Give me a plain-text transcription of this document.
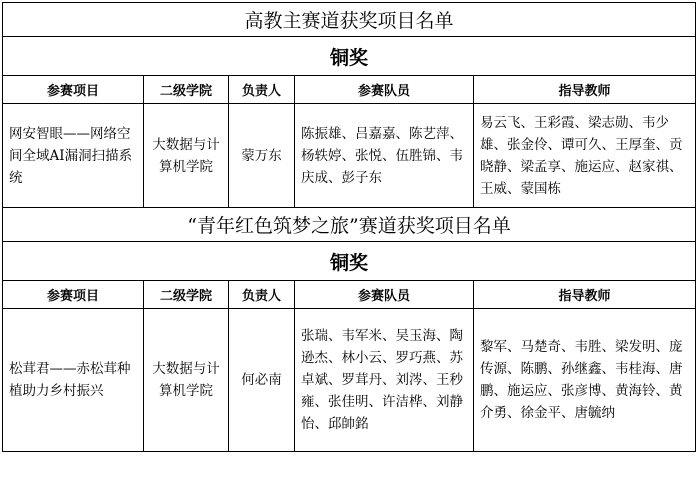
高教主赛道获奖项目名单				
铜奖				
参赛项目	二级学院	负责人	参赛队员	指导教师
网安智眼——网络空间全域AI漏洞扫描系统	大数据与计算机学院	蒙万东	陈振雄、吕嘉嘉、陈艺萍、杨轶婷、张悦、伍胜锦、韦庆成、彭子东	易云飞、王彩霞、梁志勋、韦少雄、张金伶、谭可久、王厚奎、贡晓静、梁孟享、施运应、赵家祺、王威、蒙国栋
“青年红色筑梦之旅”赛道获奖项目名单				
铜奖				
参赛项目	二级学院	负责人	参赛队员	指导教师
松茸君——赤松茸种植助力乡村振兴	大数据与计算机学院	何必南	张瑞、韦军米、吴玉海、陶逊杰、林小云、罗巧燕、苏卓斌、罗茸丹、刘涔、王秒雍、张佳明、许洁桦、刘静怡、邱帥銘	黎军、马楚奇、韦胜、梁发明、庞传源、陈鹏、孙继鑫、韦桂海、唐鹏、施运应、张彦博、黄海铃、黄介勇、徐金平、唐毓纳
